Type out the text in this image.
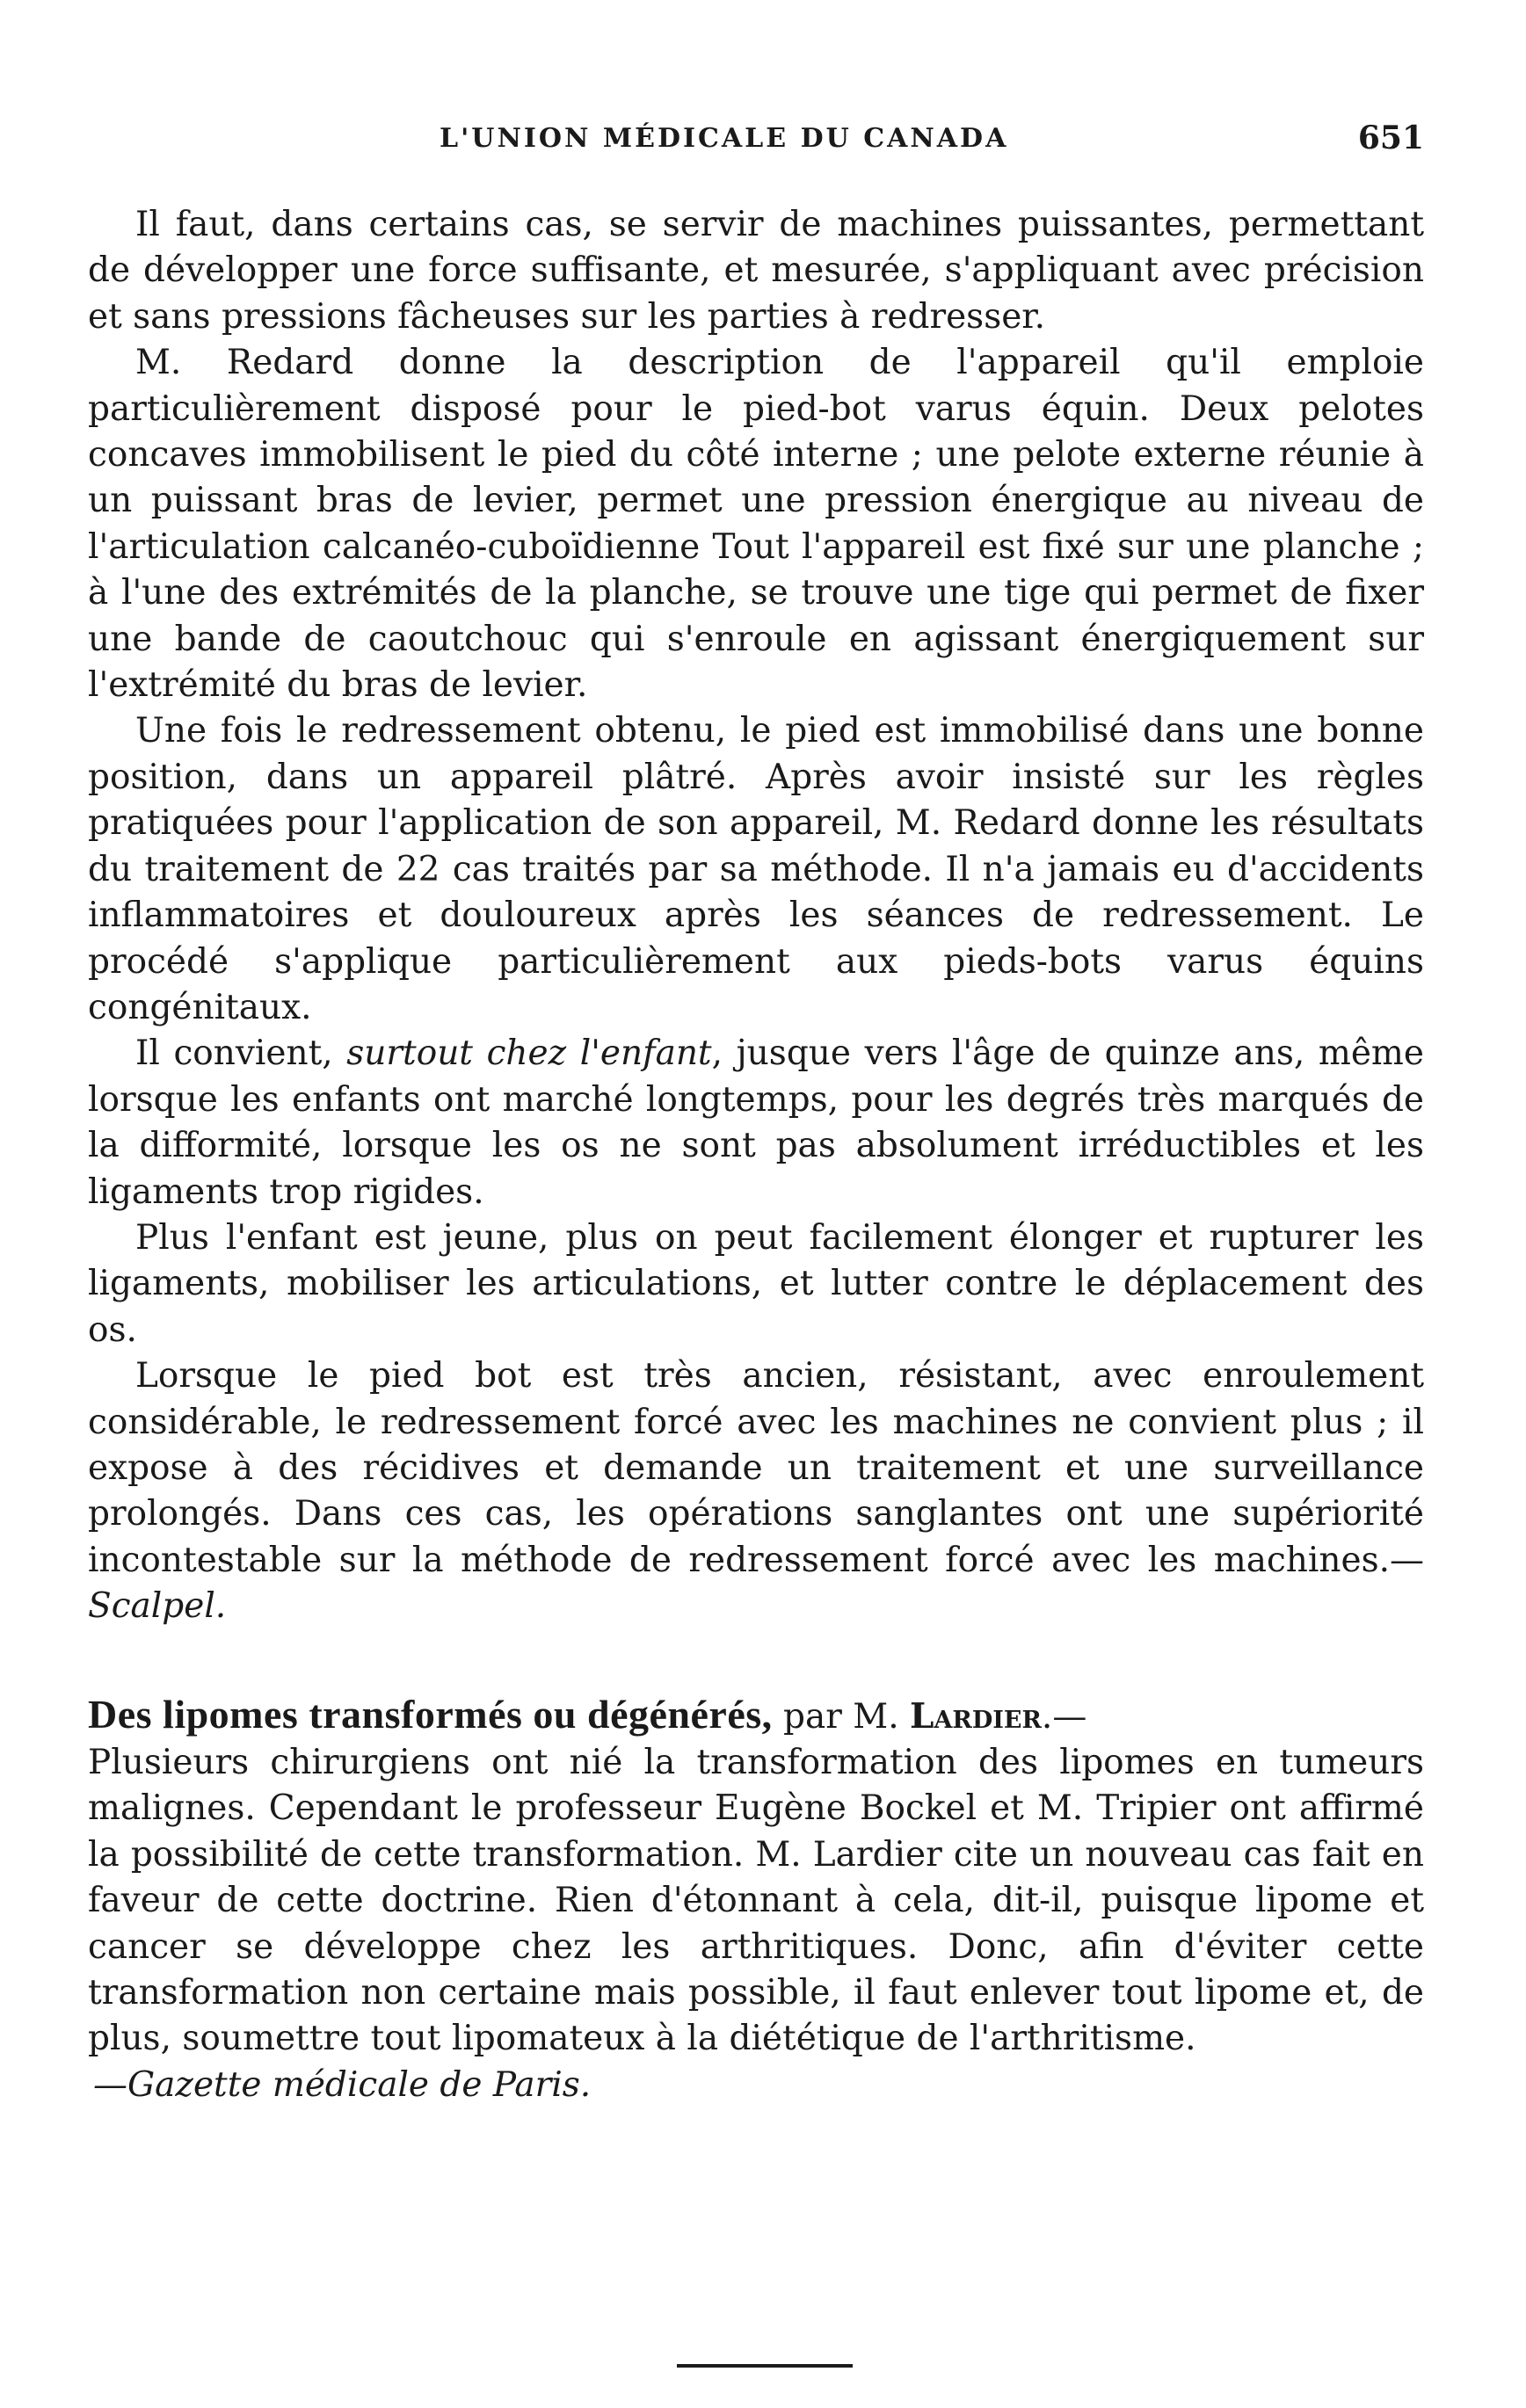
L'UNION MÉDICALE DU CANADA	651

Il faut, dans certains cas, se servir de machines puissantes, permettant de développer une force suffisante, et mesurée, s'appliquant avec précision et sans pressions fâcheuses sur les parties à redresser.

M. Redard donne la description de l'appareil qu'il emploie particulièrement disposé pour le pied-bot varus équin. Deux pelotes concaves immobilisent le pied du côté interne ; une pelote externe réunie à un puissant bras de levier, permet une pression énergique au niveau de l'articulation calcanéo-cuboïdienne Tout l'appareil est fixé sur une planche ; à l'une des extrémités de la planche, se trouve une tige qui permet de fixer une bande de caoutchouc qui s'enroule en agissant énergiquement sur l'extrémité du bras de levier.

Une fois le redressement obtenu, le pied est immobilisé dans une bonne position, dans un appareil plâtré. Après avoir insisté sur les règles pratiquées pour l'application de son appareil, M. Redard donne les résultats du traitement de 22 cas traités par sa méthode. Il n'a jamais eu d'accidents inflammatoires et douloureux après les séances de redressement. Le procédé s'applique particulièrement aux pieds-bots varus équins congénitaux.

Il convient, surtout chez l'enfant, jusque vers l'âge de quinze ans, même lorsque les enfants ont marché longtemps, pour les degrés très marqués de la difformité, lorsque les os ne sont pas absolument irréductibles et les ligaments trop rigides.

Plus l'enfant est jeune, plus on peut facilement élonger et rupturer les ligaments, mobiliser les articulations, et lutter contre le déplacement des os.

Lorsque le pied bot est très ancien, résistant, avec enroulement considérable, le redressement forcé avec les machines ne convient plus ; il expose à des récidives et demande un traitement et une surveillance prolongés. Dans ces cas, les opérations sanglantes ont une supériorité incontestable sur la méthode de redressement forcé avec les machines.—Scalpel.

Des lipomes transformés ou dégénérés, par M. Lardier.—
Plusieurs chirurgiens ont nié la transformation des lipomes en tumeurs malignes. Cependant le professeur Eugène Bockel et M. Tripier ont affirmé la possibilité de cette transformation. M. Lardier cite un nouveau cas fait en faveur de cette doctrine. Rien d'étonnant à cela, dit-il, puisque lipome et cancer se développe chez les arthritiques. Donc, afin d'éviter cette transformation non certaine mais possible, il faut enlever tout lipome et, de plus, soumettre tout lipomateux à la diététique de l'arthritisme.

—Gazette médicale de Paris.
